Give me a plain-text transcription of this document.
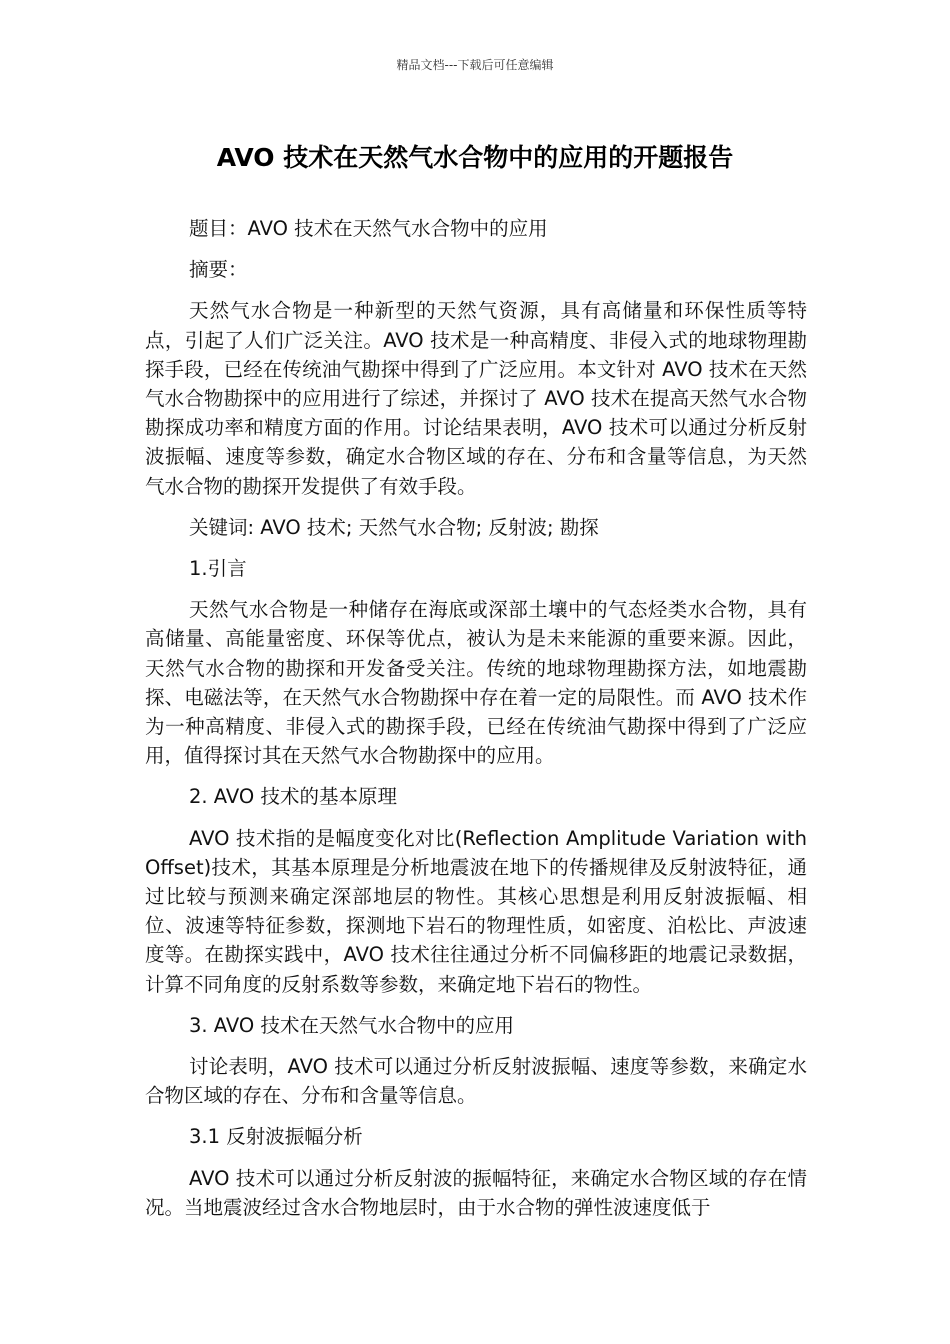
精品文档---下载后可任意编辑
AVO 技术在天然气水合物中的应用的开题报告

题目：AVO 技术在天然气水合物中的应用

摘要：

天然气水合物是一种新型的天然气资源，具有高储量和环保性质等特点，引起了人们广泛关注。AVO 技术是一种高精度、非侵入式的地球物理勘探手段，已经在传统油气勘探中得到了广泛应用。本文针对 AVO 技术在天然气水合物勘探中的应用进行了综述，并探讨了 AVO 技术在提高天然气水合物勘探成功率和精度方面的作用。讨论结果表明，AVO 技术可以通过分析反射波振幅、速度等参数，确定水合物区域的存在、分布和含量等信息，为天然气水合物的勘探开发提供了有效手段。

关键词: AVO 技术; 天然气水合物; 反射波; 勘探

1.引言

天然气水合物是一种储存在海底或深部土壤中的气态烃类水合物，具有高储量、高能量密度、环保等优点，被认为是未来能源的重要来源。因此，天然气水合物的勘探和开发备受关注。传统的地球物理勘探方法，如地震勘探、电磁法等，在天然气水合物勘探中存在着一定的局限性。而 AVO 技术作为一种高精度、非侵入式的勘探手段，已经在传统油气勘探中得到了广泛应用，值得探讨其在天然气水合物勘探中的应用。

2. AVO 技术的基本原理

AVO 技术指的是幅度变化对比(Reflection Amplitude Variation with Offset)技术，其基本原理是分析地震波在地下的传播规律及反射波特征，通过比较与预测来确定深部地层的物性。其核心思想是利用反射波振幅、相位、波速等特征参数，探测地下岩石的物理性质，如密度、泊松比、声波速度等。在勘探实践中，AVO 技术往往通过分析不同偏移距的地震记录数据，计算不同角度的反射系数等参数，来确定地下岩石的物性。

3. AVO 技术在天然气水合物中的应用

讨论表明，AVO 技术可以通过分析反射波振幅、速度等参数，来确定水合物区域的存在、分布和含量等信息。

3.1 反射波振幅分析

AVO 技术可以通过分析反射波的振幅特征，来确定水合物区域的存在情况。当地震波经过含水合物地层时，由于水合物的弹性波速度低于
